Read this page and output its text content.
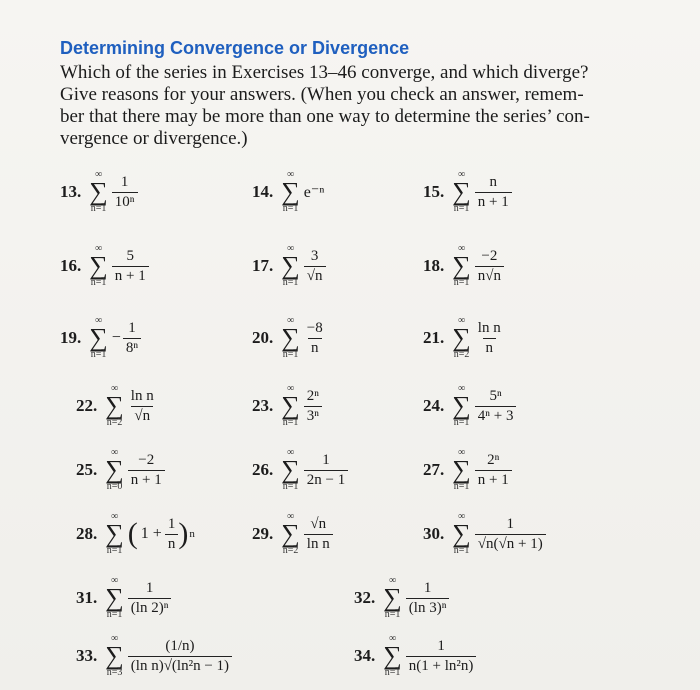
Determining Convergence or Divergence
Which of the series in Exercises 13–46 converge, and which diverge?
Give reasons for your answers. (When you check an answer, remem-
ber that there may be more than one way to determine the series’ con-
vergence or divergence.)
13.
∞
∑
$n=1 \frac{1}{\text{10ⁿ}}$	14.
∞
∑
n=1
e⁻ⁿ	15.
∞
∑
$n=1 \frac{n}{n + 1}$
16.
∞
∑
$n=1 \frac{5}{n + 1}$	17.
∞
∑
$n=1 \frac{3}{√n}$	18.
∞
∑
$n=1 \frac{-2}{n√n}$
19.
∞
∑
n=1
− $\frac{1}{\text{8ⁿ}}$	20.
∞
∑
$n=1 \frac{-8}{n}$	21.
∞
∑
$n=2 \frac{\text{ln n}}{n}$
22.
∞
∑
$n=2 \frac{\text{ln n}}{√n}$	23.
∞
∑
$n=1 \frac{\text{2ⁿ}}{\text{3ⁿ}}$	24.
∞
∑
$n=1 \frac{\text{5ⁿ}}{\text{4ⁿ + 3}}$
25.
∞
∑
$n=0 \frac{-2}{n + 1}$	26.
∞
∑
$n=1 \frac{1}{2n - 1}$	27.
∞
∑
$n=1 \frac{\text{2ⁿ}}{n + 1}$
28.
∞
∑
n=1
( $1 + \frac{1}{n}$ ) n	29.
∞
∑
$n=2 \frac{√n}{\text{ln n}}$	30.
∞
∑
$n=1 \frac{1}{√n(√n + 1)}$
31.
∞
∑
$n=1 \frac{1}{\text{(ln 2)ⁿ}}$	32.
∞
∑
$n=1 \frac{1}{\text{(ln 3)ⁿ}}$
33.
∞
∑
$n=3 \frac{(1/n)}{\text{(ln n)√(ln²n − 1)}}$	34.
∞
∑
$n=1 \frac{1}{\text{n(1 + ln²n)}}$
